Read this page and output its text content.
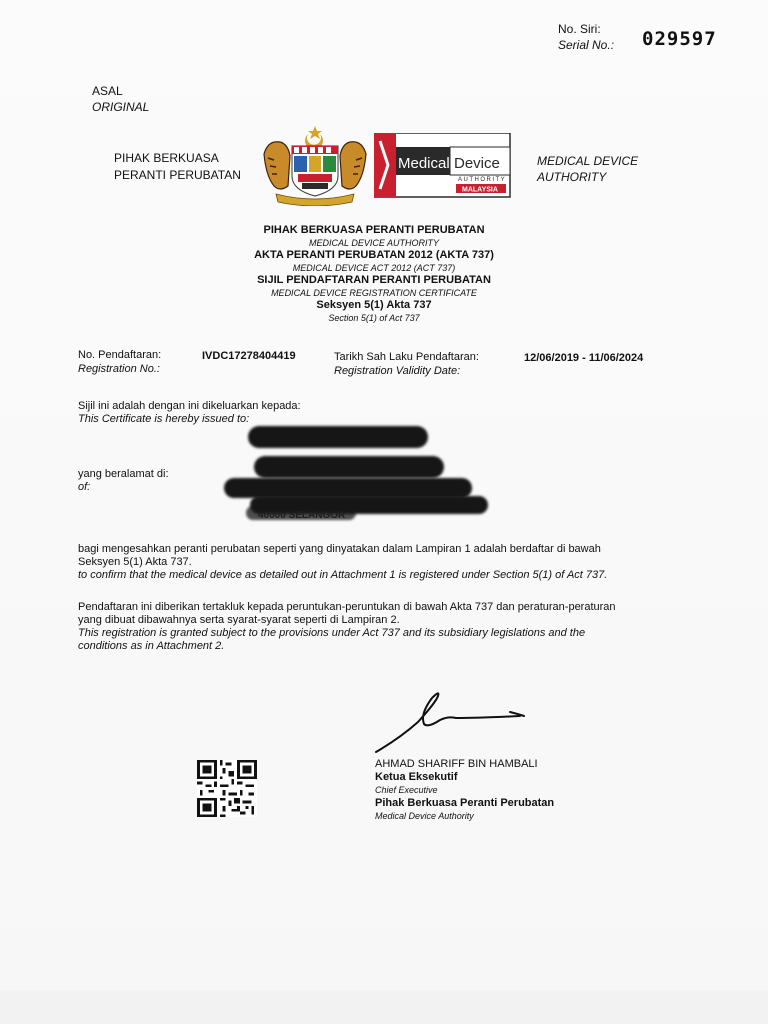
No. Siri:
Serial No.: 029597
ASAL
ORIGINAL
PIHAK BERKUASA
PERANTI PERUBATAN
MEDICAL DEVICE
AUTHORITY
Medical Device
AUTHORITY
MALAYSIA
PIHAK BERKUASA PERANTI PERUBATAN
MEDICAL DEVICE AUTHORITY
AKTA PERANTI PERUBATAN 2012 (AKTA 737)
MEDICAL DEVICE ACT 2012 (ACT 737)
SIJIL PENDAFTARAN PERANTI PERUBATAN
MEDICAL DEVICE REGISTRATION CERTIFICATE
Seksyen 5(1) Akta 737
Section 5(1) of Act 737
No. Pendaftaran:
Registration No.:
IVDC17278404419	Tarikh Sah Laku Pendaftaran:
Registration Validity Date:
12/06/2019 - 11/06/2024
Sijil ini adalah dengan ini dikeluarkan kepada:
This Certificate is hereby issued to:
yang beralamat di:
of:
bagi mengesahkan peranti perubatan seperti yang dinyatakan dalam Lampiran 1 adalah berdaftar di bawah
Seksyen 5(1) Akta 737.
to confirm that the medical device as detailed out in Attachment 1 is registered under Section 5(1) of Act 737.
Pendaftaran ini diberikan tertakluk kepada peruntukan-peruntukan di bawah Akta 737 dan peraturan-peraturan
yang dibuat dibawahnya serta syarat-syarat seperti di Lampiran 2.
This registration is granted subject to the provisions under Act 737 and its subsidiary legislations and the
conditions as in Attachment 2.
AHMAD SHARIFF BIN HAMBALI
Ketua Eksekutif
Chief Executive
Pihak Berkuasa Peranti Perubatan
Medical Device Authority
